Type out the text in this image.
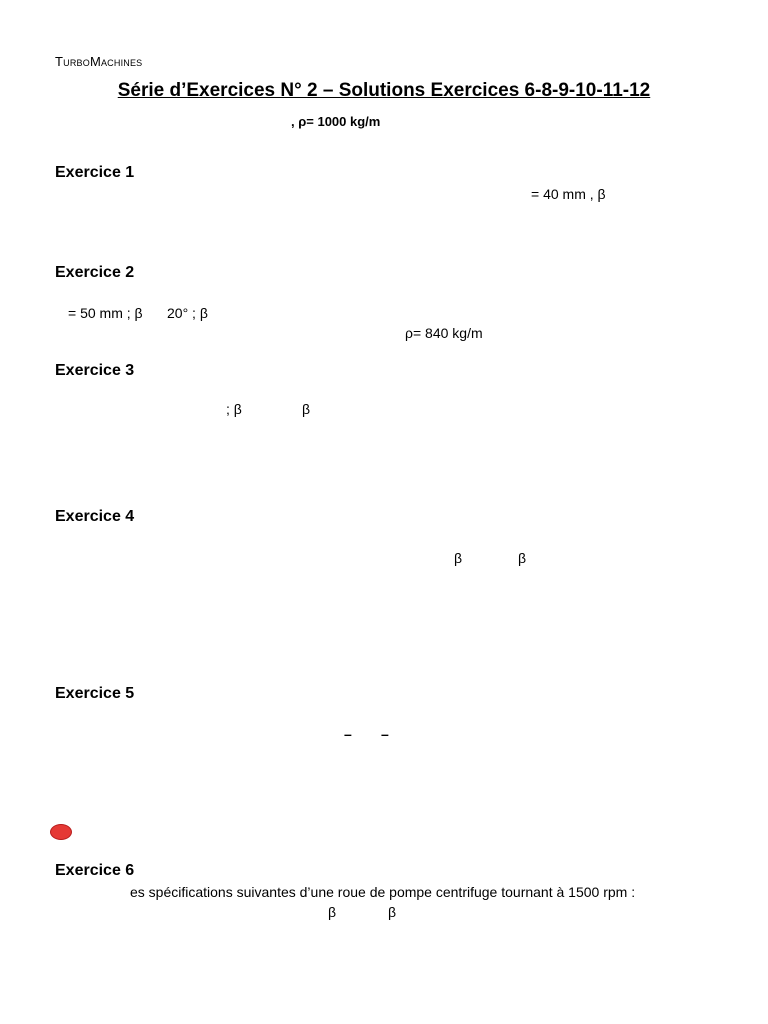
TurboMachines
Série d’Exercices N° 2 – Solutions Exercices 6-8-9-10-11-12
, ρ= 1000 kg/m
Exercice 1
= 40 mm , β
Exercice 2
= 50 mm ; β 20° ; β
ρ= 840 kg/m
Exercice 3
; β	β
Exercice 4
β	β
Exercice 5
– –
Exercice 6
es spécifications suivantes d’une roue de pompe centrifuge tournant à 1500 rpm :
β	β
